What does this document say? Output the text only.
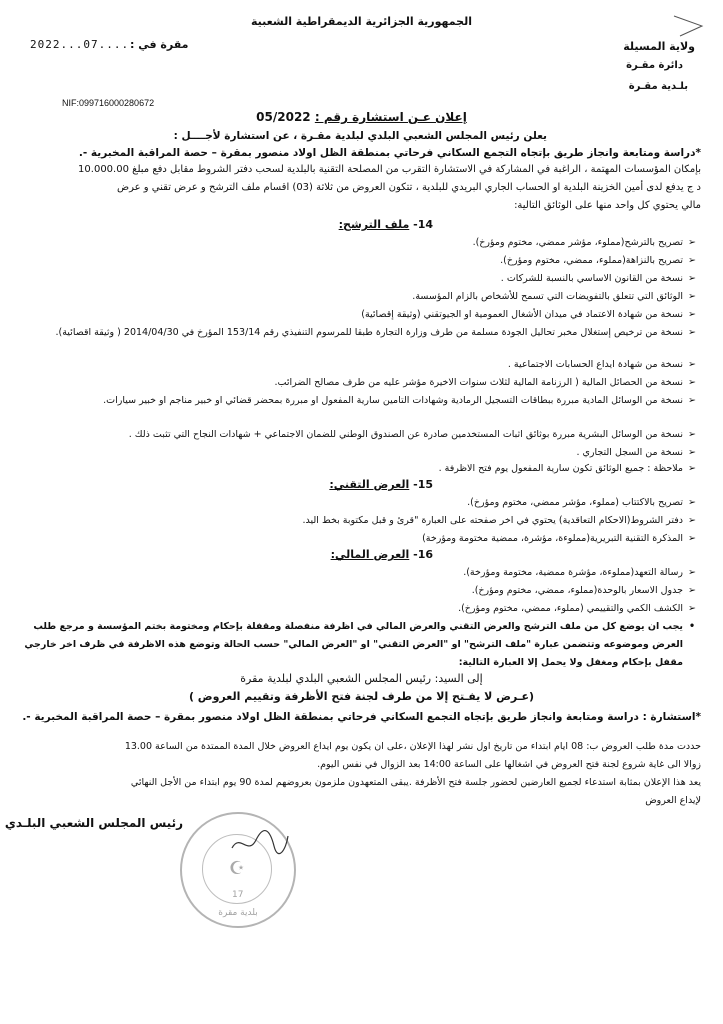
الجمهورية الجزائرية الديمقراطية الشعبية
ولاية المسيلة
دائرة مقـرة
بلـدية مقـرة
مقرة في :
2022...07......
NIF:099716000280672
إعلان عـن استشارة رقم : 05/2022
يعلن رئيس المجلس الشعبي البلدي لبلدية مقـرة ، عن استشارة لأجــــل :
*دراسة ومتابعة وانجاز طريق بإتجاه التجمع السكاني فرحاتي بمنطقة الظل اولاد منصور بمقرة – حصة المراقبة المخبرية -.
بإمكان المؤسسات المهتمة ، الراغبة في المشاركة في الاستشارة التقرب من المصلحة التقنية بالبلدية لسحب دفتر الشروط مقابل دفع مبلغ 10.000.00
د ج يدفع لدى أمين الخزينة البلدية او الحساب الجاري البريدي للبلدية ، تتكون العروض من ثلاثة (03) اقسام ملف الترشح و عرض تقني و عرض
مالي يحتوي كل واحد منها على الوثائق التالية:
14- ملف الترشح:
➢
تصريح بالترشح(مملوء، مؤشر ممضي، مختوم ومؤرخ).
➢
تصريح بالنزاهة(مملوء، ممضي، مختوم ومؤرخ).
➢
نسخة من القانون الاساسي بالنسبة للشركات .
➢
الوثائق التي تتعلق بالتفويضات التي تسمح للأشخاص بالزام المؤسسة.
➢
نسخة من شهادة الاعتماد في ميدان الأشغال العمومية او الجيوتقني (وثيقة إقصائية)
➢
نسخة من ترخيص إستغلال مخبر تحاليل الجودة مسلمة من طرف وزارة التجارة طبقا للمرسوم التنفيذي رقم 153/14 المؤرخ في 2014/04/30 ( وثيقة اقصائية).
➢
نسخة من شهادة ايداع الحسابات الاجتماعية .
➢
نسخة من الحصائل المالية ( الرزنامة المالية لثلاث سنوات الاخيرة مؤشر عليه من طرف مصالح الضرائب.
➢
نسخة من الوسائل المادية مبررة ببطاقات التسجيل الرمادية وشهادات التامين سارية المفعول او مبررة بمحضر قضائي او خبير مناجم او خبير سيارات.
➢
نسخة من الوسائل البشرية مبررة بوثائق اثبات المستخدمين صادرة عن الصندوق الوطني للضمان الاجتماعي + شهادات النجاح التي تثبت ذلك .
➢
نسخة من السجل التجاري .
➢
ملاحظة : جميع الوثائق تكون سارية المفعول يوم فتح الاظرفة .
15- العرض التقني:
➢
تصريح بالاكتتاب (مملوء، مؤشر ممضي، مختوم ومؤرخ).
➢
دفتر الشروط(الاحكام التعاقدية) يحتوي في اخر صفحته على العبارة "قرئ و قبل مكتوبة بخط اليد.
➢
المذكرة التقنية التبريرية(مملوءة، مؤشرة، ممضية مختومة ومؤرخة)
16- العرض المالي:
➢
رسالة التعهد(مملوءة، مؤشرة ممضية، مختومة ومؤرخة).
➢
جدول الاسعار بالوحدة(مملوء، ممضي، مختوم ومؤرخ).
➢
الكشف الكمي والتقييمي (مملوء، ممضي، مختوم ومؤرخ).
•
يجب ان يوضع كل من ملف الترشح والعرض التقني والعرض المالي في اظرفة منفصلة ومقفلة بإحكام ومختومة بختم المؤسسة و مرجع طلب
العرض وموضوعه وتتضمن عبارة "ملف الترشح" او "العرض التقني" او "العرض المالي" حسب الحالة وتوضع هذه الاظرفة في ظرف اخر خارجي
مقفل بإحكام ومغفل ولا يحمل إلا العبارة التالية:
إلى السيد: رئيس المجلس الشعبي البلدي لبلدية مقرة
(عـرض لا يفـتح إلا من طرف لجنة فتح الأظرفة وتقييم العروض )
*استشارة : دراسة ومتابعة وانجاز طريق بإتجاه التجمع السكاني فرحاتي بمنطقة الظل اولاد منصور بمقرة – حصة المراقبة المخبرية -.
حددت مدة طلب العروض ب: 08 ايام ابتداء من تاريخ اول نشر لهذا الإعلان ،على ان يكون يوم ايداع العروض خلال المدة الممتدة من الساعة 13.00
زوالا الى غاية شروع لجنة فتح العروض في اشغالها على الساعة 14:00 بعد الزوال في نفس اليوم.
يعد هذا الإعلان بمثابة استدعاء لجميع العارضين لحضور جلسة فتح الأظرفة .يبقى المتعهدون ملزمون بعروضهم لمدة 90 يوم ابتداء من الأجل النهائي
لإيداع العروض
رئيس المجلس الشعبي البلـدي
☪
17
بلدية مقرة
